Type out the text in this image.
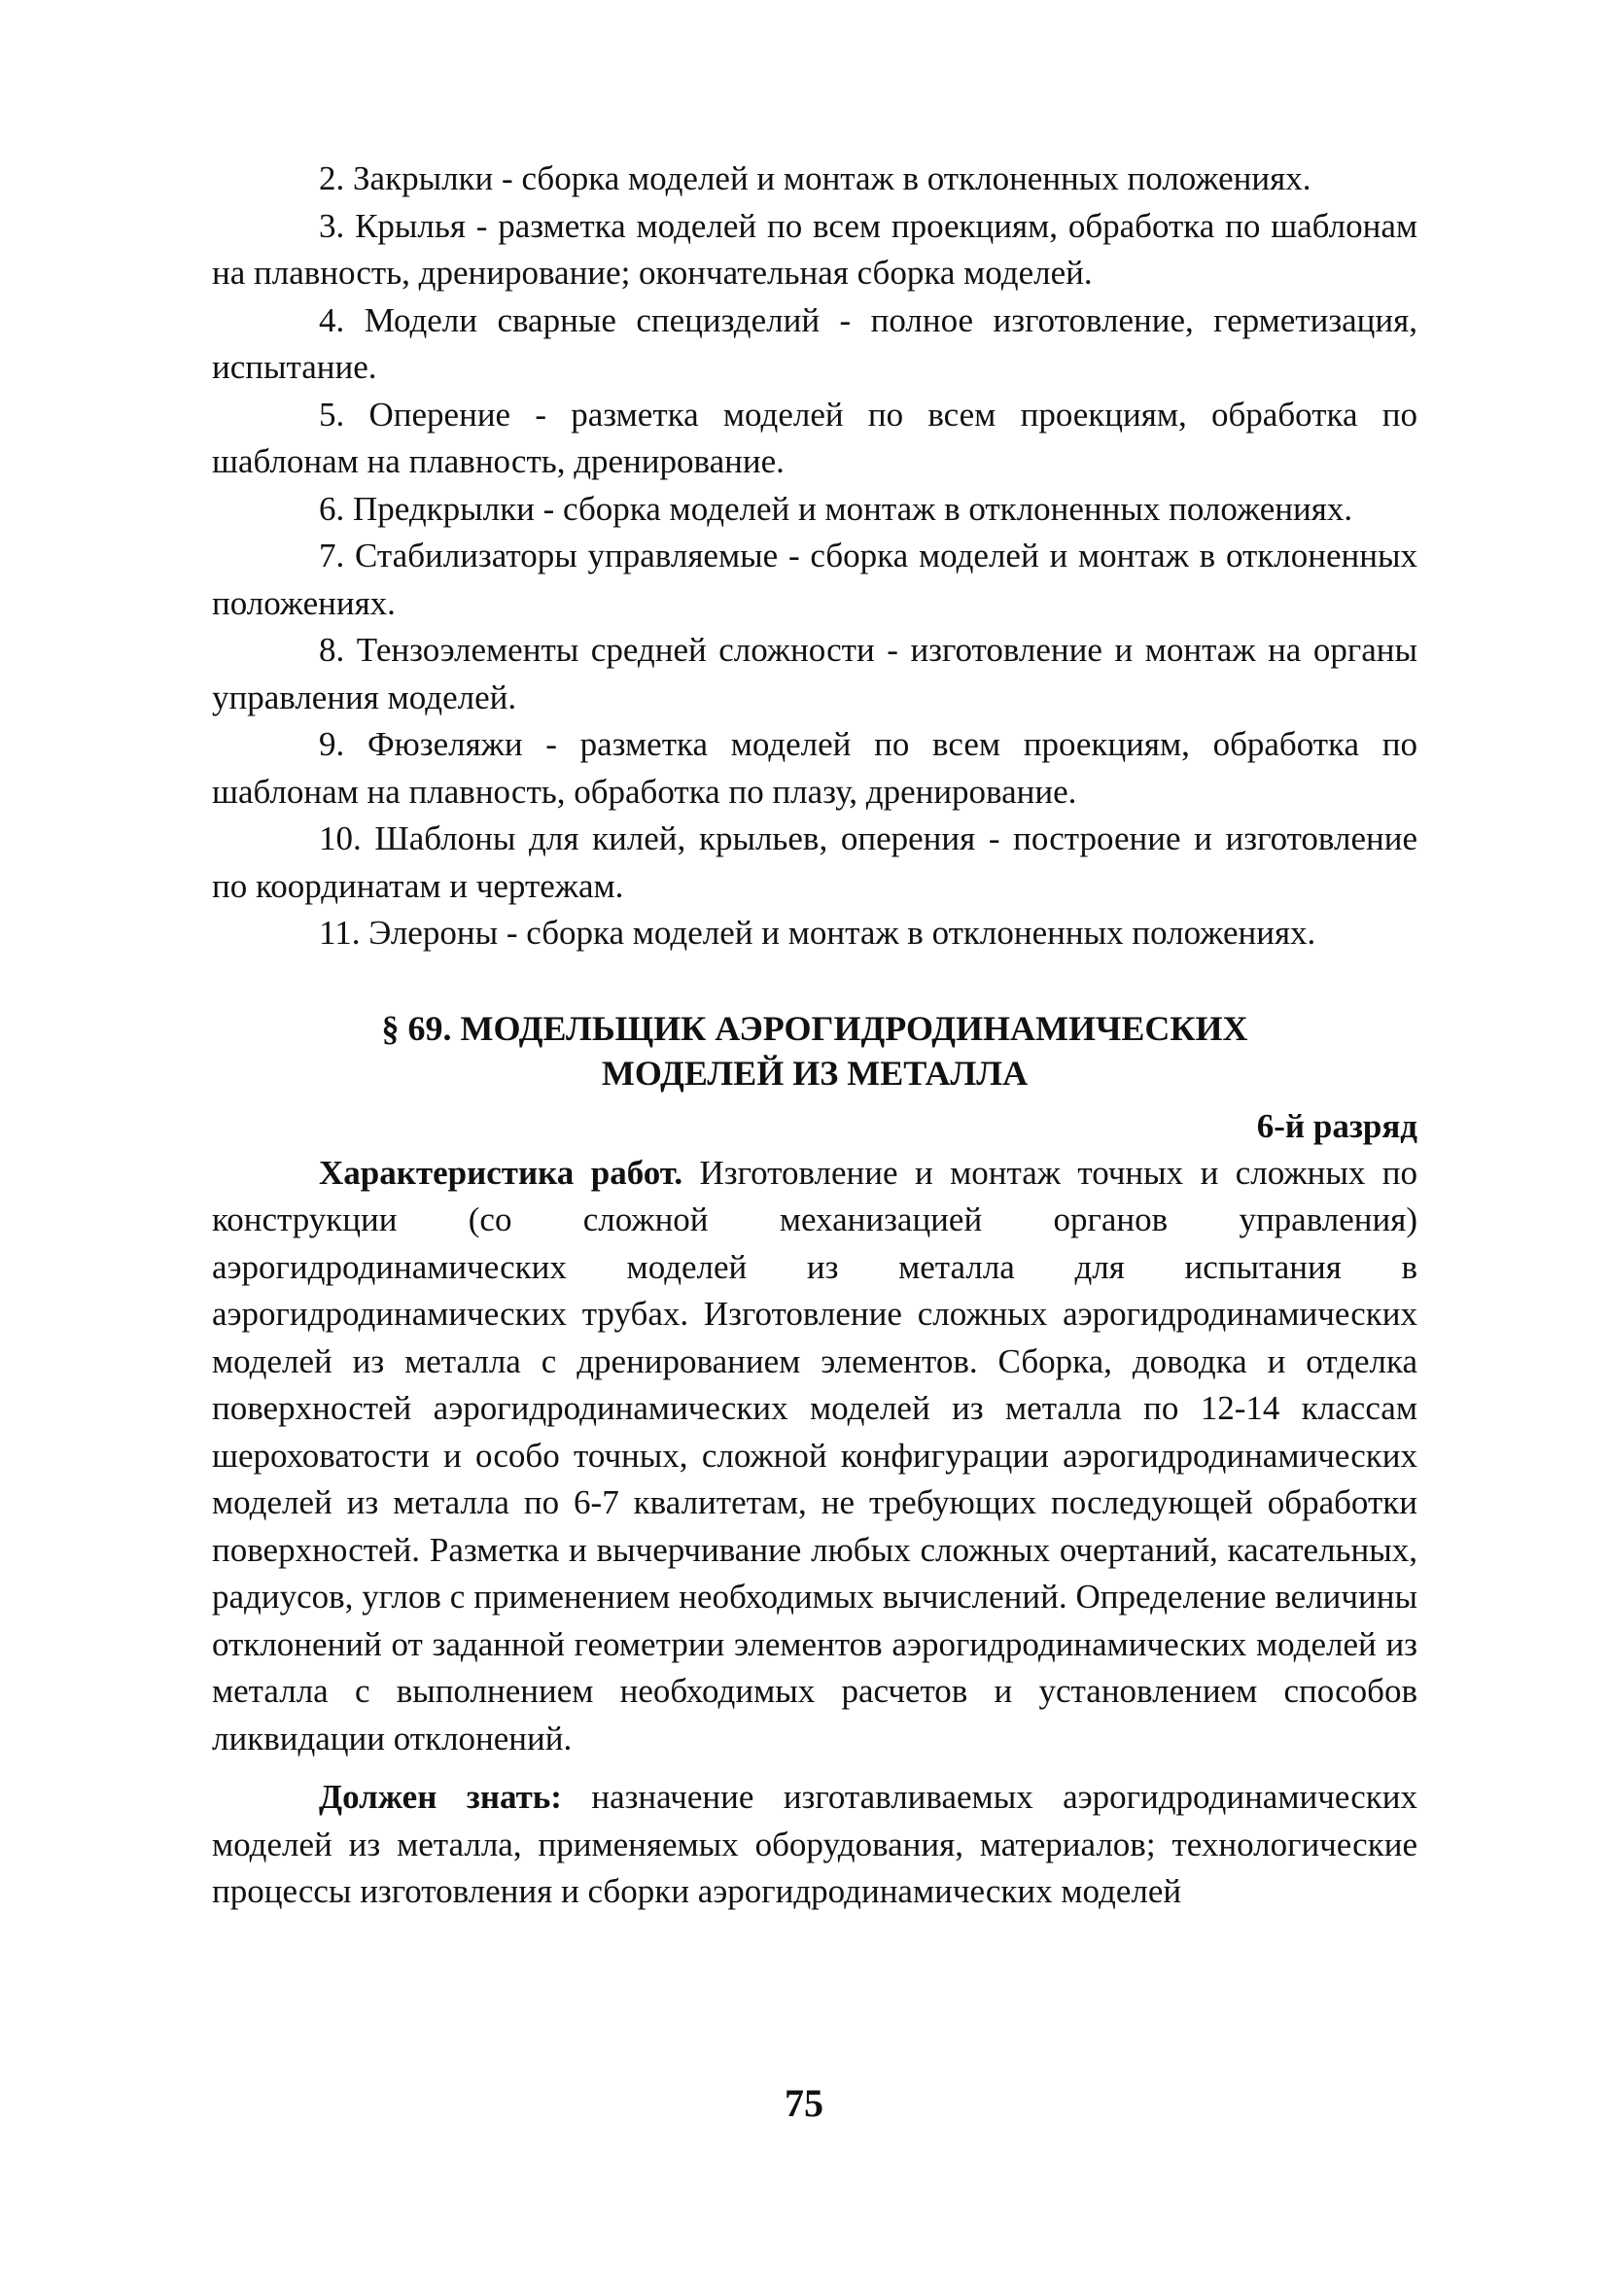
2. Закрылки - сборка моделей и монтаж в отклоненных положениях.

3. Крылья - разметка моделей по всем проекциям, обработка по шаблонам на плавность, дренирование; окончательная сборка моделей.

4. Модели сварные специзделий - полное изготовление, герметизация, испытание.

5. Оперение - разметка моделей по всем проекциям, обработка по шаблонам на плавность, дренирование.

6. Предкрылки - сборка моделей и монтаж в отклоненных положениях.

7. Стабилизаторы управляемые - сборка моделей и монтаж в отклоненных положениях.

8. Тензоэлементы средней сложности - изготовление и монтаж на органы управления моделей.

9. Фюзеляжи - разметка моделей по всем проекциям, обработка по шаблонам на плавность, обработка по плазу, дренирование.

10. Шаблоны для килей, крыльев, оперения - построение и изготовление по координатам и чертежам.

11. Элероны - сборка моделей и монтаж в отклоненных положениях.

§ 69. МОДЕЛЬЩИК АЭРОГИДРОДИНАМИЧЕСКИХ
МОДЕЛЕЙ ИЗ МЕТАЛЛА
6-й разряд

Характеристика работ. Изготовление и монтаж точных и сложных по конструкции (со сложной механизацией органов управления) аэрогидродинамических моделей из металла для испытания в аэрогидродинамических трубах. Изготовление сложных аэрогидродинамических моделей из металла с дренированием элементов. Сборка, доводка и отделка поверхностей аэрогидродинамических моделей из металла по 12-14 классам шероховатости и особо точных, сложной конфигурации аэрогидродинамических моделей из металла по 6-7 квалитетам, не требующих последующей обработки поверхностей. Разметка и вычерчивание любых сложных очертаний, касательных, радиусов, углов с применением необходимых вычислений. Определение величины отклонений от заданной геометрии элементов аэрогидродинамических моделей из металла с выполнением необходимых расчетов и установлением способов ликвидации отклонений.

Должен знать: назначение изготавливаемых аэрогидродинамических моделей из металла, применяемых оборудования, материалов; технологические процессы изготовления и сборки аэрогидродинамических моделей

75
